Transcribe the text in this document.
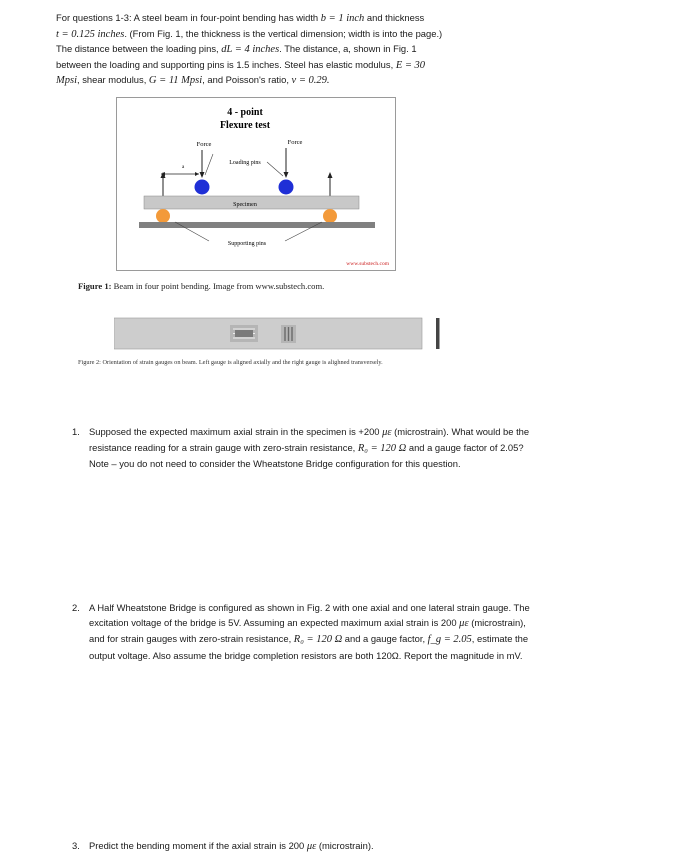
For questions 1-3: A steel beam in four-point bending has width b = 1 inch and thickness

t = 0.125 inches. (From Fig. 1, the thickness is the vertical dimension; width is into the page.)

The distance between the loading pins, dL = 4 inches. The distance, a, shown in Fig. 1

between the loading and supporting pins is 1.5 inches. Steel has elastic modulus, E = 30

Mpsi, shear modulus, G = 11 Mpsi, and Poisson's ratio, ν = 0.29.

4 - point
Flexure test
Force	Force
Loading pins
a
Specimen
Supporting pins
www.substech.com
Figure 1: Beam in four point bending. Image from www.substech.com.
Figure 2: Orientation of strain gauges on beam. Left gauge is aligned axially and the right gauge is alighned transversely.
1. Supposed the expected maximum axial strain in the specimen is +200 με (microstrain). What would be the resistance reading for a strain gauge with zero-strain resistance, R₀ = 120 Ω and a gauge factor of 2.05? Note – you do not need to consider the Wheatstone Bridge configuration for this question.
2. A Half Wheatstone Bridge is configured as shown in Fig. 2 with one axial and one lateral strain gauge. The excitation voltage of the bridge is 5V. Assuming an expected maximum axial strain is 200 με (microstrain), and for strain gauges with zero-strain resistance, R₀ = 120 Ω and a gauge factor, f_g = 2.05, estimate the output voltage. Also assume the bridge completion resistors are both 120Ω. Report the magnitude in mV.
3. Predict the bending moment if the axial strain is 200 με (microstrain).
